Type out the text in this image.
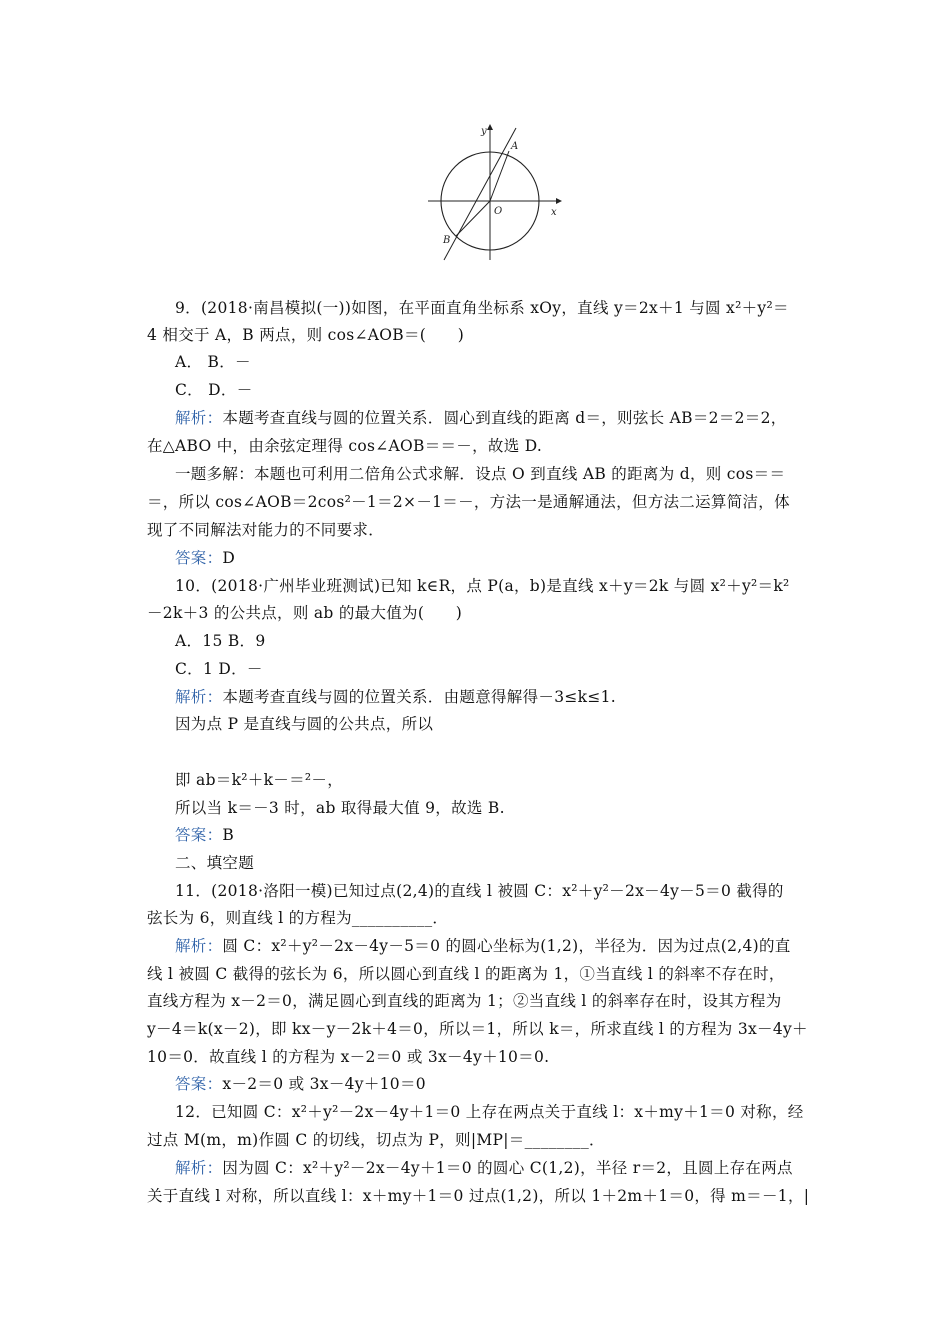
y
x
O
A
B
9．(2018·南昌模拟(一))如图，在平面直角坐标系 xOy，直线 y＝2x＋1 与圆 x²＋y²＝
4 相交于 A，B 两点，则 cos∠AOB＝(　　)
A． B．－
C． D．－
解析：本题考查直线与圆的位置关系．圆心到直线的距离 d＝，则弦长 AB＝2＝2＝2，
在△ABO 中，由余弦定理得 cos∠AOB＝＝－，故选 D.
一题多解：本题也可利用二倍角公式求解．设点 O 到直线 AB 的距离为 d，则 cos＝＝
＝，所以 cos∠AOB＝2cos²－1＝2×－1＝－，方法一是通解通法，但方法二运算简洁，体
现了不同解法对能力的不同要求．
答案：D
10．(2018·广州毕业班测试)已知 k∈R，点 P(a，b)是直线 x＋y＝2k 与圆 x²＋y²＝k²
－2k＋3 的公共点，则 ab 的最大值为(　　)
A．15 B．9
C．1 D．－
解析：本题考查直线与圆的位置关系．由题意得解得－3≤k≤1.
因为点 P 是直线与圆的公共点，所以
即 ab＝k²＋k－＝²－，
所以当 k＝－3 时，ab 取得最大值 9，故选 B.
答案：B
二、填空题
11．(2018·洛阳一模)已知过点(2,4)的直线 l 被圆 C：x²＋y²－2x－4y－5＝0 截得的
弦长为 6，则直线 l 的方程为__________．
解析：圆 C：x²＋y²－2x－4y－5＝0 的圆心坐标为(1,2)，半径为．因为过点(2,4)的直
线 l 被圆 C 截得的弦长为 6，所以圆心到直线 l 的距离为 1，①当直线 l 的斜率不存在时，
直线方程为 x－2＝0，满足圆心到直线的距离为 1；②当直线 l 的斜率存在时，设其方程为
y－4＝k(x－2)，即 kx－y－2k＋4＝0，所以＝1，所以 k＝，所求直线 l 的方程为 3x－4y＋
10＝0．故直线 l 的方程为 x－2＝0 或 3x－4y＋10＝0.
答案：x－2＝0 或 3x－4y＋10＝0
12．已知圆 C：x²＋y²－2x－4y＋1＝0 上存在两点关于直线 l：x＋my＋1＝0 对称，经
过点 M(m，m)作圆 C 的切线，切点为 P，则|MP|＝________．
解析：因为圆 C：x²＋y²－2x－4y＋1＝0 的圆心 C(1,2)，半径 r＝2，且圆上存在两点
关于直线 l 对称，所以直线 l：x＋my＋1＝0 过点(1,2)，所以 1＋2m＋1＝0，得 m＝－1，|
